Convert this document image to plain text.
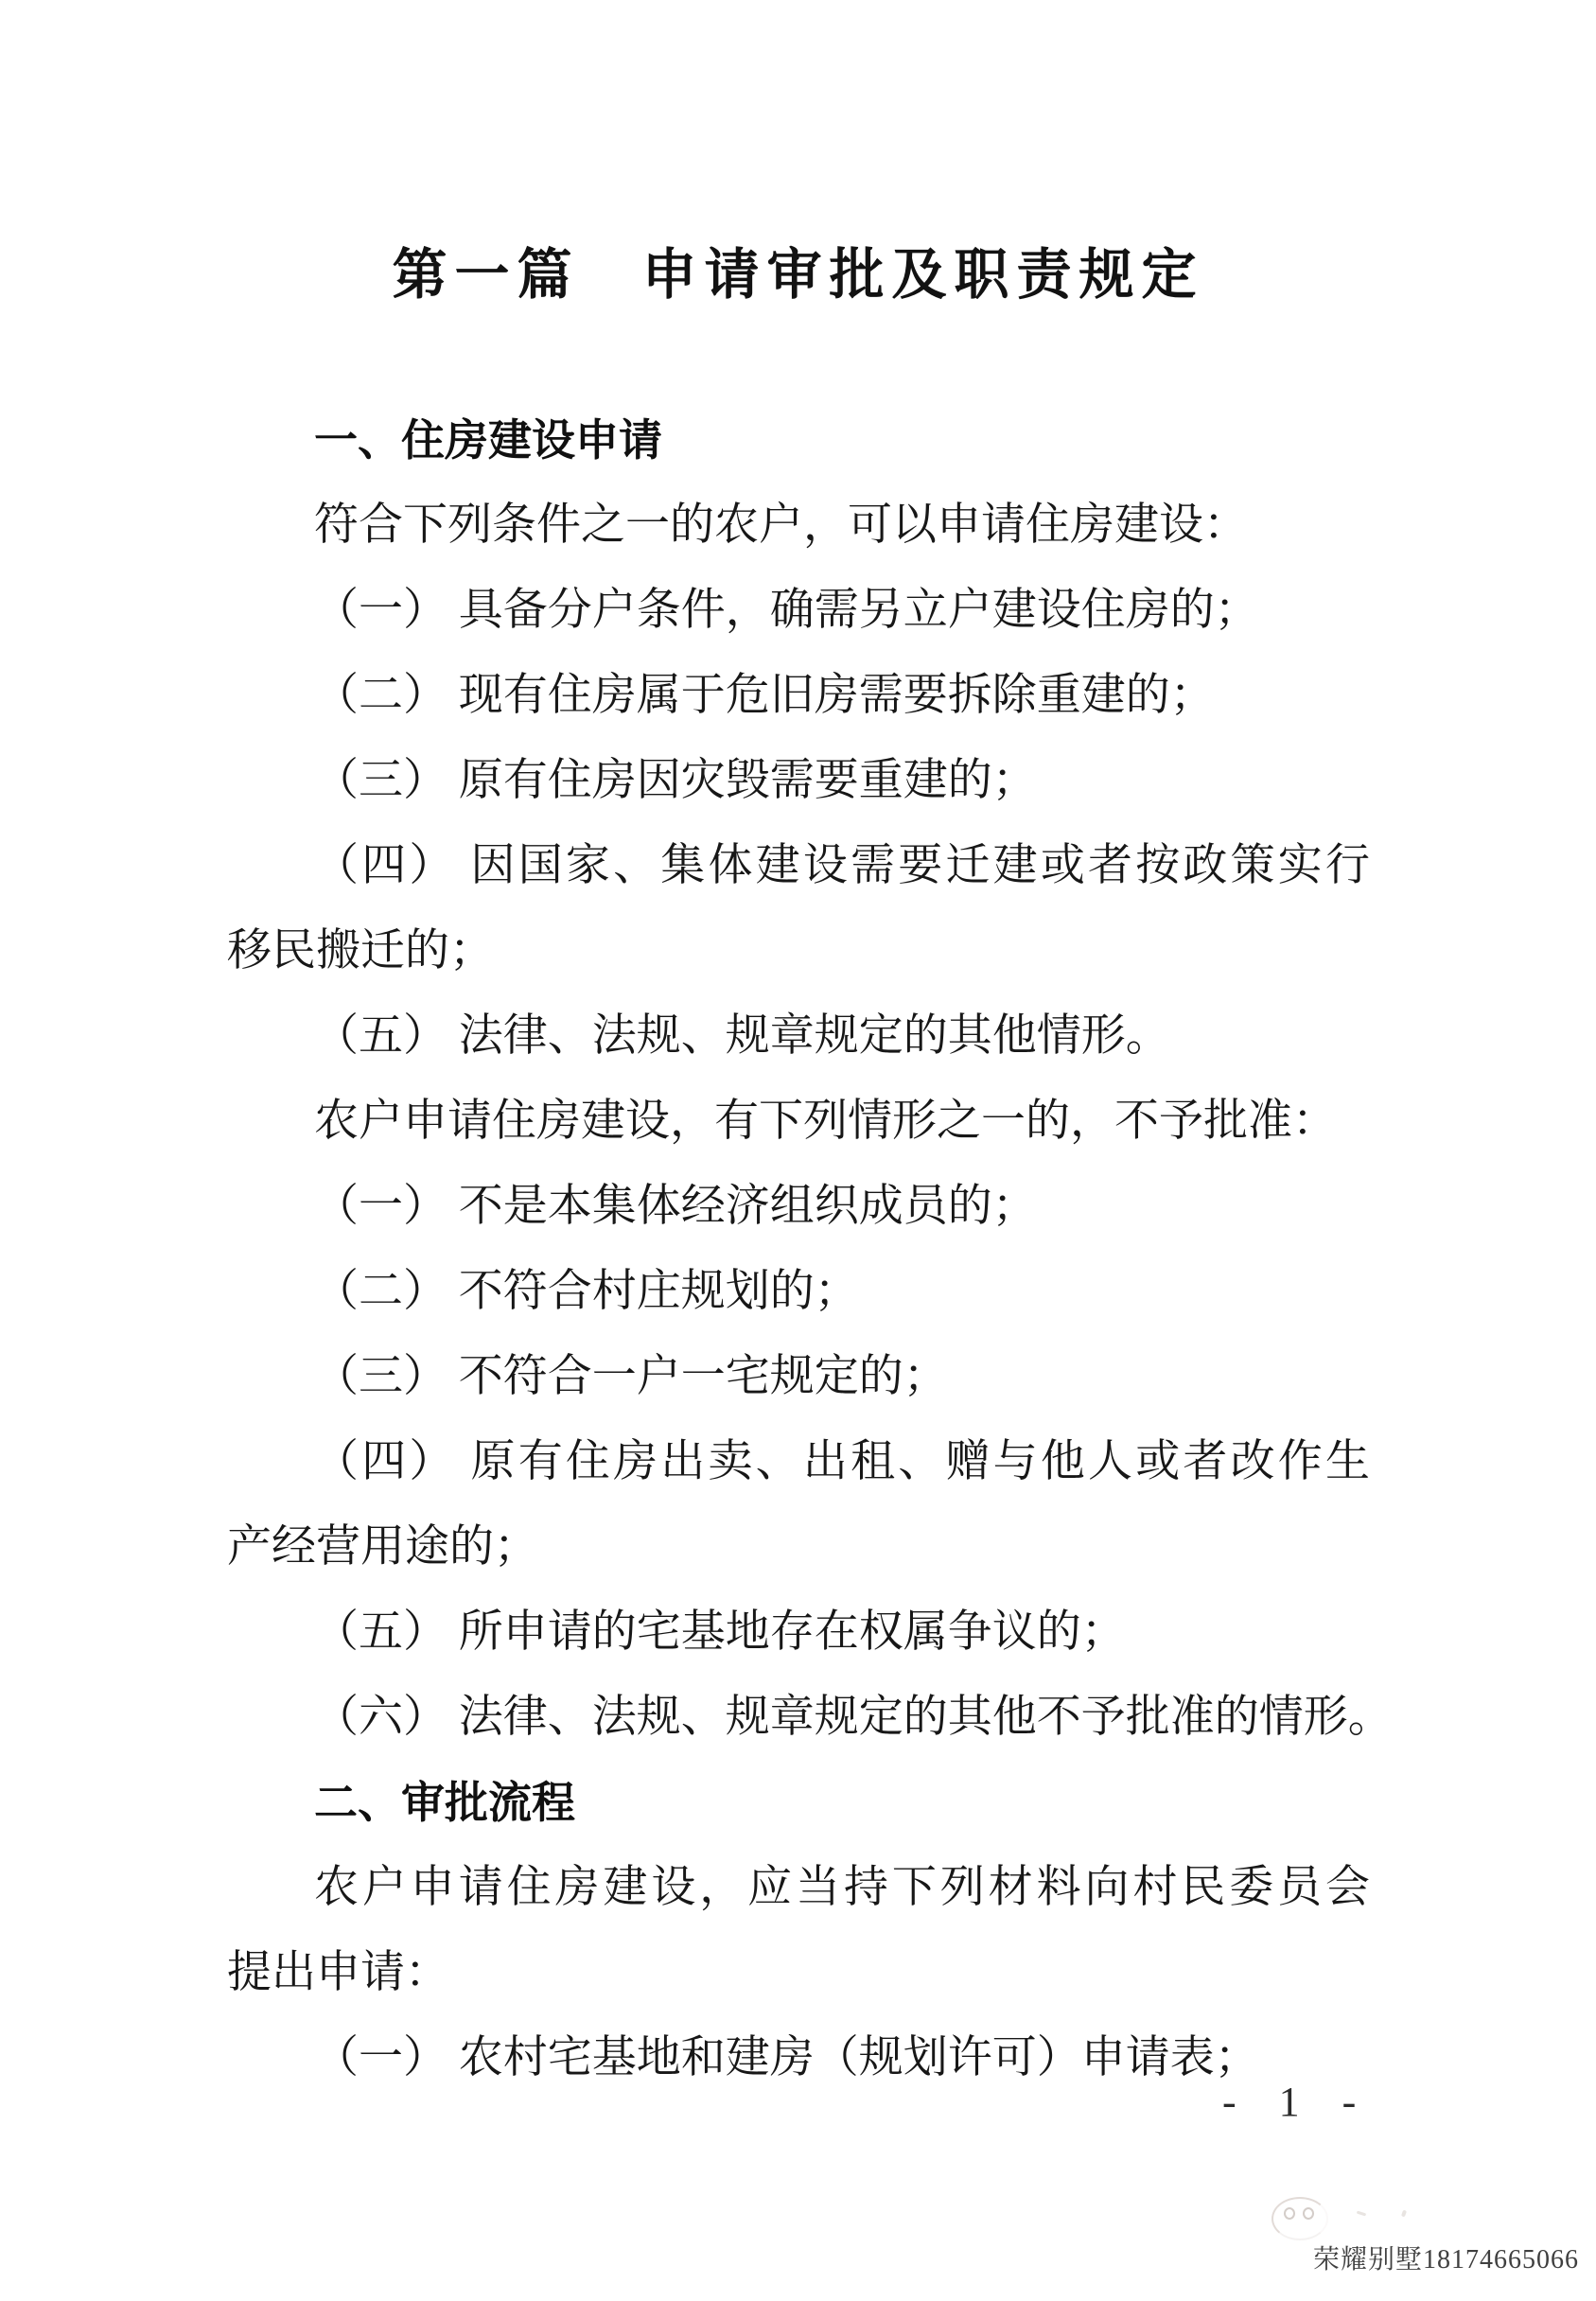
第一篇　申请审批及职责规定
一、住房建设申请
符合下列条件之一的农户，可以申请住房建设：
（一） 具备分户条件，确需另立户建设住房的；
（二） 现有住房属于危旧房需要拆除重建的；
（三） 原有住房因灾毁需要重建的；
（四） 因国家、集体建设需要迁建或者按政策实行
移民搬迁的；
（五） 法律、法规、规章规定的其他情形。
农户申请住房建设，有下列情形之一的，不予批准：
（一） 不是本集体经济组织成员的；
（二） 不符合村庄规划的；
（三） 不符合一户一宅规定的；
（四） 原有住房出卖、出租、赠与他人或者改作生
产经营用途的；
（五） 所申请的宅基地存在权属争议的；
（六） 法律、法规、规章规定的其他不予批准的情形。
二、审批流程
农户申请住房建设，应当持下列材料向村民委员会
提出申请：
（一） 农村宅基地和建房（规划许可）申请表；
- 1 -
荣耀别墅18174665066
